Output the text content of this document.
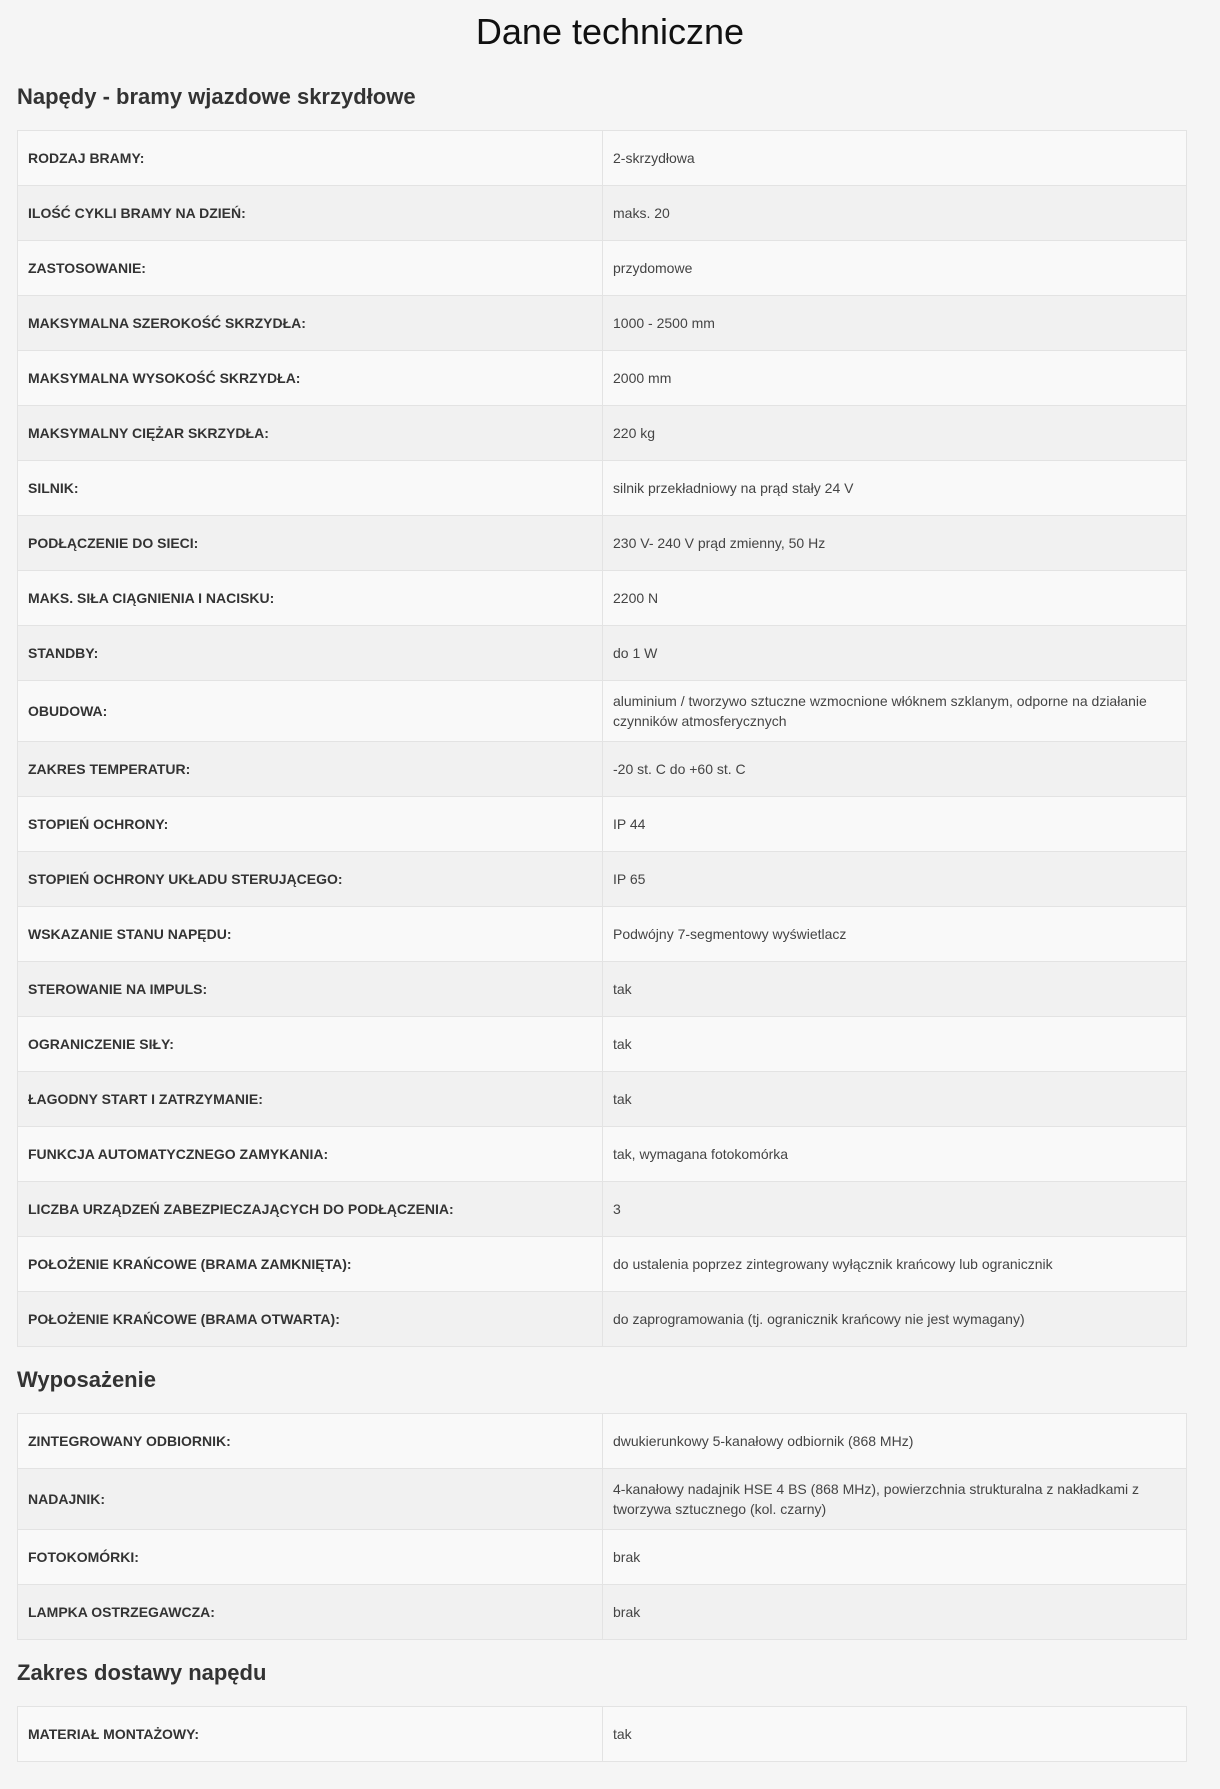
Dane techniczne
Napędy - bramy wjazdowe skrzydłowe
RODZAJ BRAMY:	2-skrzydłowa
ILOŚĆ CYKLI BRAMY NA DZIEŃ:	maks. 20
ZASTOSOWANIE:	przydomowe
MAKSYMALNA SZEROKOŚĆ SKRZYDŁA:	1000 - 2500 mm
MAKSYMALNA WYSOKOŚĆ SKRZYDŁA:	2000 mm
MAKSYMALNY CIĘŻAR SKRZYDŁA:	220 kg
SILNIK:	silnik przekładniowy na prąd stały 24 V
PODŁĄCZENIE DO SIECI:	230 V- 240 V prąd zmienny, 50 Hz
MAKS. SIŁA CIĄGNIENIA I NACISKU:	2200 N
STANDBY:	do 1 W
OBUDOWA:	aluminium / tworzywo sztuczne wzmocnione włóknem szklanym, odporne na działanie czynników atmosferycznych
ZAKRES TEMPERATUR:	-20 st. C do +60 st. C
STOPIEŃ OCHRONY:	IP 44
STOPIEŃ OCHRONY UKŁADU STERUJĄCEGO:	IP 65
WSKAZANIE STANU NAPĘDU:	Podwójny 7-segmentowy wyświetlacz
STEROWANIE NA IMPULS:	tak
OGRANICZENIE SIŁY:	tak
ŁAGODNY START I ZATRZYMANIE:	tak
FUNKCJA AUTOMATYCZNEGO ZAMYKANIA:	tak, wymagana fotokomórka
LICZBA URZĄDZEŃ ZABEZPIECZAJĄCYCH DO PODŁĄCZENIA:	3
POŁOŻENIE KRAŃCOWE (BRAMA ZAMKNIĘTA):	do ustalenia poprzez zintegrowany wyłącznik krańcowy lub ogranicznik
POŁOŻENIE KRAŃCOWE (BRAMA OTWARTA):	do zaprogramowania (tj. ogranicznik krańcowy nie jest wymagany)
Wyposażenie
ZINTEGROWANY ODBIORNIK:	dwukierunkowy 5-kanałowy odbiornik (868 MHz)
NADAJNIK:	4-kanałowy nadajnik HSE 4 BS (868 MHz), powierzchnia strukturalna z nakładkami z tworzywa sztucznego (kol. czarny)
FOTOKOMÓRKI:	brak
LAMPKA OSTRZEGAWCZA:	brak
Zakres dostawy napędu
MATERIAŁ MONTAŻOWY:	tak
